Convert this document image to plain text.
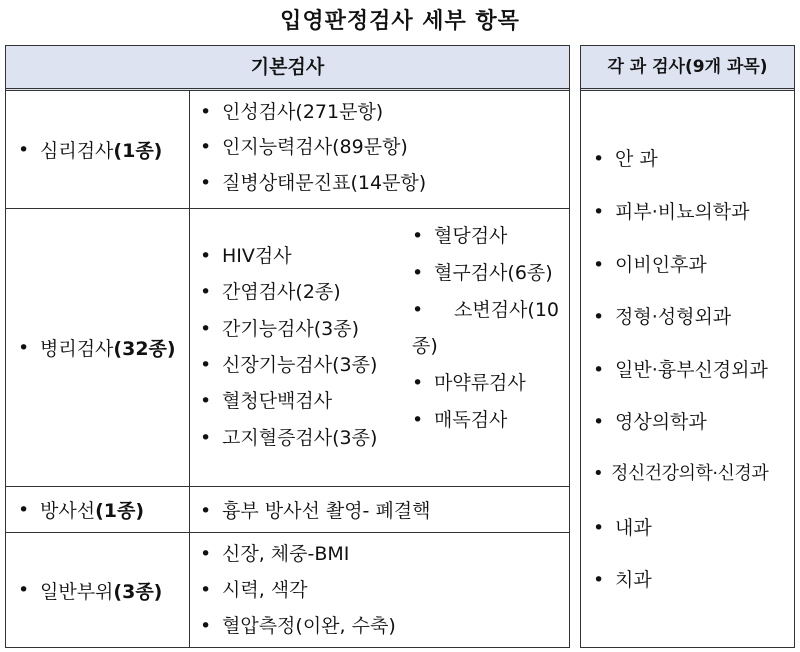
입영판정검사 세부 항목
기본검사
• 심리검사 (1종)
• 인성검사(271문항)
• 인지능력검사(89문항)
• 질병상태문진표(14문항)
• 병리검사 (32종)
• HIV검사
• 간염검사(2종)
• 간기능검사(3종)
• 신장기능검사(3종)
• 혈청단백검사
• 고지혈증검사(3종)
• 혈당검사
• 혈구검사(6종)
• 소변검사(10
종)
• 마약류검사
• 매독검사
• 방사선 (1종)	• 흉부 방사선 촬영- 폐결핵
• 일반부위 (3종)
• 신장, 체중-BMI
• 시력, 색각
• 혈압측정(이완, 수축)
각 과 검사(9개 과목)
• 안 과
• 피부·비뇨의학과
• 이비인후과
• 정형·성형외과
• 일반·흉부신경외과
• 영상의학과
• 정신건강의학·신경과
• 내과
• 치과
